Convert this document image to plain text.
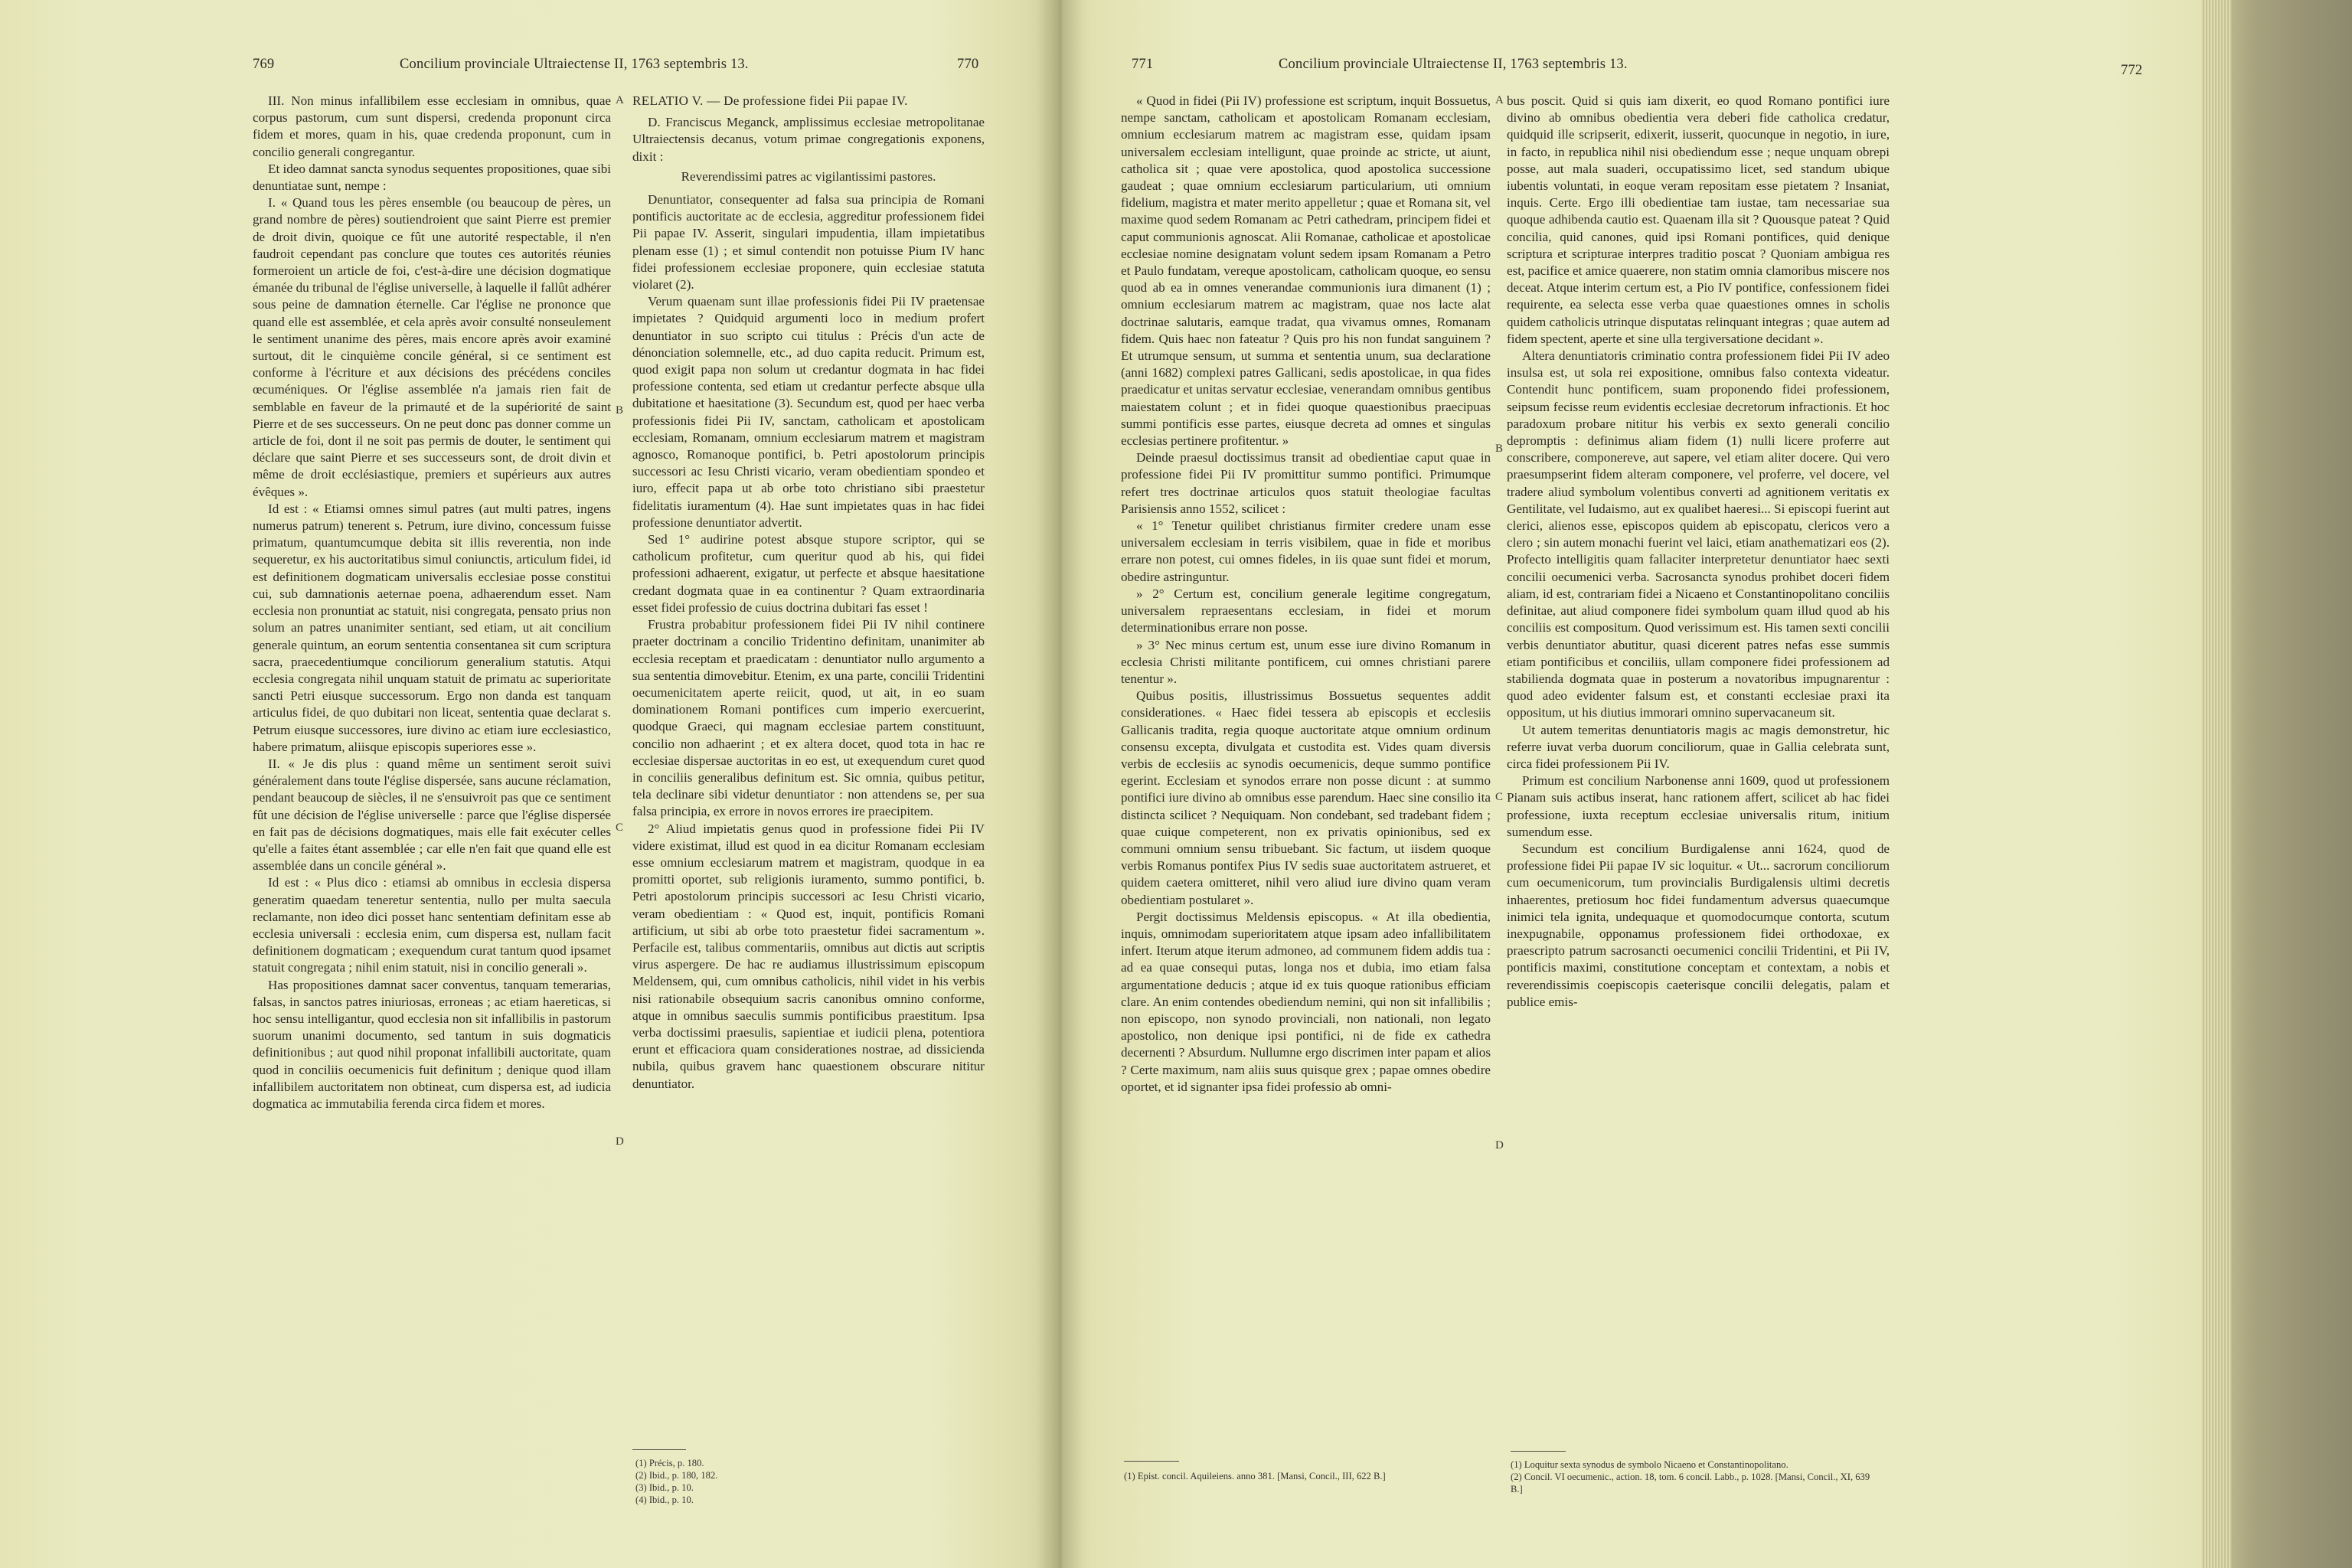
769	Concilium provinciale Ultraiectense II, 1763 septembris 13.	770

III. Non minus infallibilem esse ecclesiam in omnibus, quae corpus pastorum, cum sunt dispersi, credenda proponunt circa fidem et mores, quam in his, quae credenda proponunt, cum in concilio generali congregantur.

Et ideo damnat sancta synodus sequentes propositiones, quae sibi denuntiatae sunt, nempe :

I. « Quand tous les pères ensemble (ou beaucoup de pères, un grand nombre de pères) soutiendroient que saint Pierre est premier de droit divin, quoique ce fût une autorité respectable, il n'en faudroit cependant pas conclure que toutes ces autorités réunies formeroient un article de foi, c'est-à-dire une décision dogmatique émanée du tribunal de l'église universelle, à laquelle il fallût adhérer sous peine de damnation éternelle. Car l'église ne prononce que quand elle est assemblée, et cela après avoir consulté nonseulement le sentiment unanime des pères, mais encore après avoir examiné surtout, dit le cinquième concile général, si ce sentiment est conforme à l'écriture et aux décisions des précédens conciles œcuméniques. Or l'église assemblée n'a jamais rien fait de semblable en faveur de la primauté et de la supériorité de saint Pierre et de ses successeurs. On ne peut donc pas donner comme un article de foi, dont il ne soit pas permis de douter, le sentiment qui déclare que saint Pierre et ses successeurs sont, de droit divin et même de droit ecclésiastique, premiers et supérieurs aux autres évêques ».

Id est : « Etiamsi omnes simul patres (aut multi patres, ingens numerus patrum) tenerent s. Petrum, iure divino, concessum fuisse primatum, quantumcumque debita sit illis reverentia, non inde sequeretur, ex his auctoritatibus simul coniunctis, articulum fidei, id est definitionem dogmaticam universalis ecclesiae posse constitui cui, sub damnationis aeternae poena, adhaerendum esset. Nam ecclesia non pronuntiat ac statuit, nisi congregata, pensato prius non solum an patres unanimiter sentiant, sed etiam, ut ait concilium generale quintum, an eorum sententia consentanea sit cum scriptura sacra, praecedentiumque conciliorum generalium statutis. Atqui ecclesia congregata nihil unquam statuit de primatu ac superioritate sancti Petri eiusque successorum. Ergo non danda est tanquam articulus fidei, de quo dubitari non liceat, sententia quae declarat s. Petrum eiusque successores, iure divino ac etiam iure ecclesiastico, habere primatum, aliisque episcopis superiores esse ».

II. « Je dis plus : quand même un sentiment seroit suivi généralement dans toute l'église dispersée, sans aucune réclamation, pendant beaucoup de siècles, il ne s'ensuivroit pas que ce sentiment fût une décision de l'église universelle : parce que l'église dispersée en fait pas de décisions dogmatiques, mais elle fait exécuter celles qu'elle a faites étant assemblée ; car elle n'en fait que quand elle est assemblée dans un concile général ».

Id est : « Plus dico : etiamsi ab omnibus in ecclesia dispersa generatim quaedam teneretur sententia, nullo per multa saecula reclamante, non ideo dici posset hanc sententiam definitam esse ab ecclesia universali : ecclesia enim, cum dispersa est, nullam facit definitionem dogmaticam ; exequendum curat tantum quod ipsamet statuit congregata ; nihil enim statuit, nisi in concilio generali ».

Has propositiones damnat sacer conventus, tanquam temerarias, falsas, in sanctos patres iniuriosas, erroneas ; ac etiam haereticas, si hoc sensu intelligantur, quod ecclesia non sit infallibilis in pastorum suorum unanimi documento, sed tantum in suis dogmaticis definitionibus ; aut quod nihil proponat infallibili auctoritate, quam quod in conciliis oecumenicis fuit definitum ; denique quod illam infallibilem auctoritatem non obtineat, cum dispersa est, ad iudicia dogmatica ac immutabilia ferenda circa fidem et mores.

A
B
C
D

RELATIO V. — De professione fidei Pii papae IV.

D. Franciscus Meganck, amplissimus ecclesiae metropolitanae Ultraiectensis decanus, votum primae congregationis exponens, dixit :

Reverendissimi patres ac vigilantissimi pastores.

Denuntiator, consequenter ad falsa sua principia de Romani pontificis auctoritate ac de ecclesia, aggreditur professionem fidei Pii papae IV. Asserit, singulari impudentia, illam impietatibus plenam esse (1) ; et simul contendit non potuisse Pium IV hanc fidei professionem ecclesiae proponere, quin ecclesiae statuta violaret (2).

Verum quaenam sunt illae professionis fidei Pii IV praetensae impietates ? Quidquid argumenti loco in medium profert denuntiator in suo scripto cui titulus : Précis d'un acte de dénonciation solemnelle, etc., ad duo capita reducit. Primum est, quod exigit papa non solum ut credantur dogmata in hac fidei professione contenta, sed etiam ut credantur perfecte absque ulla dubitatione et haesitatione (3). Secundum est, quod per haec verba professionis fidei Pii IV, sanctam, catholicam et apostolicam ecclesiam, Romanam, omnium ecclesiarum matrem et magistram agnosco, Romanoque pontifici, b. Petri apostolorum principis successori ac Iesu Christi vicario, veram obedientiam spondeo et iuro, effecit papa ut ab orbe toto christiano sibi praestetur fidelitatis iuramentum (4). Hae sunt impietates quas in hac fidei professione denuntiator advertit.

Sed 1° audirine potest absque stupore scriptor, qui se catholicum profitetur, cum queritur quod ab his, qui fidei professioni adhaerent, exigatur, ut perfecte et absque haesitatione credant dogmata quae in ea continentur ? Quam extraordinaria esset fidei professio de cuius doctrina dubitari fas esset !

Frustra probabitur professionem fidei Pii IV nihil continere praeter doctrinam a concilio Tridentino definitam, unanimiter ab ecclesia receptam et praedicatam : denuntiator nullo argumento a sua sententia dimovebitur. Etenim, ex una parte, concilii Tridentini oecumenicitatem aperte reiicit, quod, ut ait, in eo suam dominationem Romani pontifices cum imperio exercuerint, quodque Graeci, qui magnam ecclesiae partem constituunt, concilio non adhaerint ; et ex altera docet, quod tota in hac re ecclesiae dispersae auctoritas in eo est, ut exequendum curet quod in conciliis generalibus definitum est. Sic omnia, quibus petitur, tela declinare sibi videtur denuntiator : non attendens se, per sua falsa principia, ex errore in novos errores ire praecipitem.

2° Aliud impietatis genus quod in professione fidei Pii IV videre existimat, illud est quod in ea dicitur Romanam ecclesiam esse omnium ecclesiarum matrem et magistram, quodque in ea promitti oportet, sub religionis iuramento, summo pontifici, b. Petri apostolorum principis successori ac Iesu Christi vicario, veram obedientiam : « Quod est, inquit, pontificis Romani artificium, ut sibi ab orbe toto praestetur fidei sacramentum ». Perfacile est, talibus commentariis, omnibus aut dictis aut scriptis virus aspergere. De hac re audiamus illustrissimum episcopum Meldensem, qui, cum omnibus catholicis, nihil videt in his verbis nisi rationabile obsequium sacris canonibus omnino conforme, atque in omnibus saeculis summis pontificibus praestitum. Ipsa verba doctissimi praesulis, sapientiae et iudicii plena, potentiora erunt et efficaciora quam considerationes nostrae, ad dissicienda nubila, quibus gravem hanc quaestionem obscurare nititur denuntiator.

(1) Précis, p. 180.

(2) Ibid., p. 180, 182.

(3) Ibid., p. 10.

(4) Ibid., p. 10.

771	Concilium provinciale Ultraiectense II, 1763 septembris 13.	772

« Quod in fidei (Pii IV) professione est scriptum, inquit Bossuetus, nempe sanctam, catholicam et apostolicam Romanam ecclesiam, omnium ecclesiarum matrem ac magistram esse, quidam ipsam universalem ecclesiam intelligunt, quae proinde ac stricte, ut aiunt, catholica sit ; quae vere apostolica, quod apostolica successione gaudeat ; quae omnium ecclesiarum particularium, uti omnium fidelium, magistra et mater merito appelletur ; quae et Romana sit, vel maxime quod sedem Romanam ac Petri cathedram, principem fidei et caput communionis agnoscat. Alii Romanae, catholicae et apostolicae ecclesiae nomine designatam volunt sedem ipsam Romanam a Petro et Paulo fundatam, vereque apostolicam, catholicam quoque, eo sensu quod ab ea in omnes venerandae communionis iura dimanent (1) ; omnium ecclesiarum matrem ac magistram, quae nos lacte alat doctrinae salutaris, eamque tradat, qua vivamus omnes, Romanam fidem. Quis haec non fateatur ? Quis pro his non fundat sanguinem ? Et utrumque sensum, ut summa et sententia unum, sua declaratione (anni 1682) complexi patres Gallicani, sedis apostolicae, in qua fides praedicatur et unitas servatur ecclesiae, venerandam omnibus gentibus maiestatem colunt ; et in fidei quoque quaestionibus praecipuas summi pontificis esse partes, eiusque decreta ad omnes et singulas ecclesias pertinere profitentur. »

Deinde praesul doctissimus transit ad obedientiae caput quae in professione fidei Pii IV promittitur summo pontifici. Primumque refert tres doctrinae articulos quos statuit theologiae facultas Parisiensis anno 1552, scilicet :

« 1° Tenetur quilibet christianus firmiter credere unam esse universalem ecclesiam in terris visibilem, quae in fide et moribus errare non potest, cui omnes fideles, in iis quae sunt fidei et morum, obedire astringuntur.

» 2° Certum est, concilium generale legitime congregatum, universalem repraesentans ecclesiam, in fidei et morum determinationibus errare non posse.

» 3° Nec minus certum est, unum esse iure divino Romanum in ecclesia Christi militante pontificem, cui omnes christiani parere tenentur ».

Quibus positis, illustrissimus Bossuetus sequentes addit considerationes. « Haec fidei tessera ab episcopis et ecclesiis Gallicanis tradita, regia quoque auctoritate atque omnium ordinum consensu excepta, divulgata et custodita est. Vides quam diversis verbis de ecclesiis ac synodis oecumenicis, deque summo pontifice egerint. Ecclesiam et synodos errare non posse dicunt : at summo pontifici iure divino ab omnibus esse parendum. Haec sine consilio ita distincta scilicet ? Nequiquam. Non condebant, sed tradebant fidem ; quae cuique competerent, non ex privatis opinionibus, sed ex communi omnium sensu tribuebant. Sic factum, ut iisdem quoque verbis Romanus pontifex Pius IV sedis suae auctoritatem astrueret, et quidem caetera omitteret, nihil vero aliud iure divino quam veram obedientiam postularet ».

Pergit doctissimus Meldensis episcopus. « At illa obedientia, inquis, omnimodam superioritatem atque ipsam adeo infallibilitatem infert. Iterum atque iterum admoneo, ad communem fidem addis tua : ad ea quae consequi putas, longa nos et dubia, imo etiam falsa argumentatione deducis ; atque id ex tuis quoque rationibus efficiam clare. An enim contendes obediendum nemini, qui non sit infallibilis ; non episcopo, non synodo provinciali, non nationali, non legato apostolico, non denique ipsi pontifici, ni de fide ex cathedra decernenti ? Absurdum. Nullumne ergo discrimen inter papam et alios ? Certe maximum, nam aliis suus quisque grex ; papae omnes obedire oportet, et id signanter ipsa fidei professio ab omni-

A
B
C
D

bus poscit. Quid si quis iam dixerit, eo quod Romano pontifici iure divino ab omnibus obedientia vera deberi fide catholica credatur, quidquid ille scripserit, edixerit, iusserit, quocunque in negotio, in iure, in facto, in republica nihil nisi obediendum esse ; neque unquam obrepi posse, aut mala suaderi, occupatissimo licet, sed standum ubique iubentis voluntati, in eoque veram repositam esse pietatem ? Insaniat, inquis. Certe. Ergo illi obedientiae tam iustae, tam necessariae sua quoque adhibenda cautio est. Quaenam illa sit ? Quousque pateat ? Quid concilia, quid canones, quid ipsi Romani pontifices, quid denique scriptura et scripturae interpres traditio poscat ? Quoniam ambigua res est, pacifice et amice quaerere, non statim omnia clamoribus miscere nos deceat. Atque interim certum est, a Pio IV pontifice, confessionem fidei requirente, ea selecta esse verba quae quaestiones omnes in scholis quidem catholicis utrinque disputatas relinquant integras ; quae autem ad fidem spectent, aperte et sine ulla tergiversatione decidant ».

Altera denuntiatoris criminatio contra professionem fidei Pii IV adeo insulsa est, ut sola rei expositione, omnibus falso contexta videatur. Contendit hunc pontificem, suam proponendo fidei professionem, seipsum fecisse reum evidentis ecclesiae decretorum infractionis. Et hoc paradoxum probare nititur his verbis ex sexto generali concilio depromptis : definimus aliam fidem (1) nulli licere proferre aut conscribere, componereve, aut sapere, vel etiam aliter docere. Qui vero praesumpserint fidem alteram componere, vel proferre, vel docere, vel tradere aliud symbolum volentibus converti ad agnitionem veritatis ex Gentilitate, vel Iudaismo, aut ex qualibet haeresi... Si episcopi fuerint aut clerici, alienos esse, episcopos quidem ab episcopatu, clericos vero a clero ; sin autem monachi fuerint vel laici, etiam anathematizari eos (2). Profecto intelligitis quam fallaciter interpretetur denuntiator haec sexti concilii oecumenici verba. Sacrosancta synodus prohibet doceri fidem aliam, id est, contrariam fidei a Nicaeno et Constantinopolitano conciliis definitae, aut aliud componere fidei symbolum quam illud quod ab his conciliis est compositum. Quod verissimum est. His tamen sexti concilii verbis denuntiator abutitur, quasi dicerent patres nefas esse summis etiam pontificibus et conciliis, ullam componere fidei professionem ad stabilienda dogmata quae in posterum a novatoribus impugnarentur : quod adeo evidenter falsum est, et constanti ecclesiae praxi ita oppositum, ut his diutius immorari omnino supervacaneum sit.

Ut autem temeritas denuntiatoris magis ac magis demonstretur, hic referre iuvat verba duorum conciliorum, quae in Gallia celebrata sunt, circa fidei professionem Pii IV.

Primum est concilium Narbonense anni 1609, quod ut professionem Pianam suis actibus inserat, hanc rationem affert, scilicet ab hac fidei professione, iuxta receptum ecclesiae universalis ritum, initium sumendum esse.

Secundum est concilium Burdigalense anni 1624, quod de professione fidei Pii papae IV sic loquitur. « Ut... sacrorum conciliorum cum oecumenicorum, tum provincialis Burdigalensis ultimi decretis inhaerentes, pretiosum hoc fidei fundamentum adversus quaecumque inimici tela ignita, undequaque et quomodocumque contorta, scutum inexpugnabile, opponamus professionem fidei orthodoxae, ex praescripto patrum sacrosancti oecumenici concilii Tridentini, et Pii IV, pontificis maximi, constitutione conceptam et contextam, a nobis et reverendissimis coepiscopis caeterisque concilii delegatis, palam et publice emis-

(1) Epist. concil. Aquileiens. anno 381. [Mansi, Concil., III, 622 B.]

(1) Loquitur sexta synodus de symbolo Nicaeno et Constantinopolitano.

(2) Concil. VI oecumenic., action. 18, tom. 6 concil. Labb., p. 1028. [Mansi, Concil., XI, 639 B.]
